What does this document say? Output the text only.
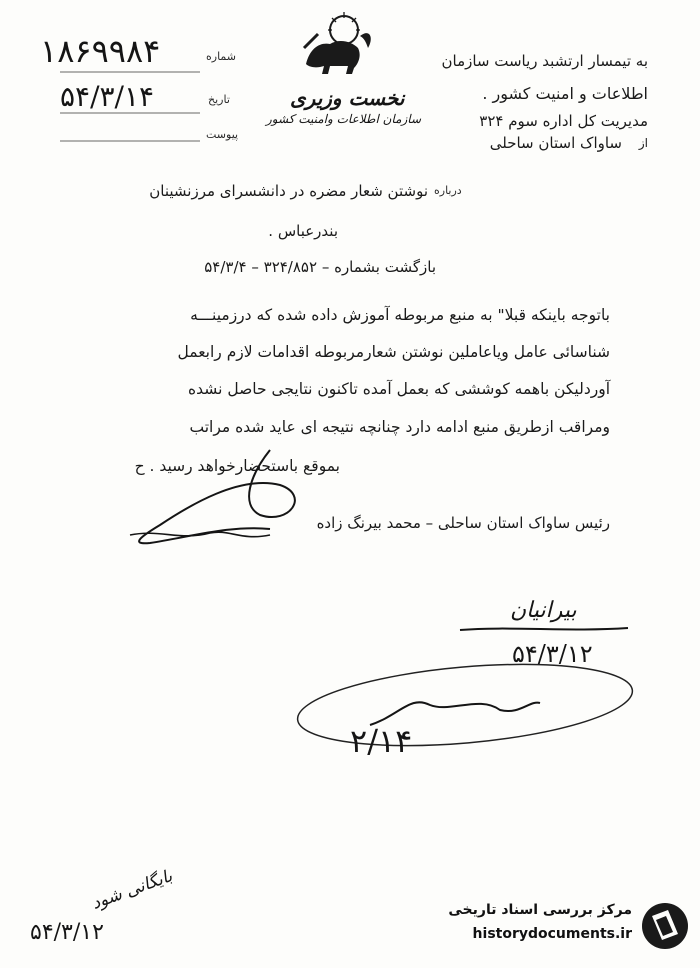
نخست وزیری
سازمان اطلاعات وامنیت کشور
شماره
تاریخ
پیوست
۱۸۶۹۹۸۴
۵۴/۳/۱۴
به تیمسار ارتشبد ریاست سازمان
اطلاعات و امنیت کشور .
مدیریت کل اداره سوم ۳۲۴
از
ساواک استان ساحلی
درباره
نوشتن شعار مضره در دانشسرای مرزنشینان
بندرعباس .
بازگشت بشماره – ۳۲۴/۸۵۲ – ۵۴/۳/۴
باتوجه باینکه قبلا" به منبع مربوطه آموزش داده شده که درزمینـــه
شناسائی عامل ویاعاملین نوشتن شعارمربوطه اقدامات لازم رابعمل
آوردلیکن باهمه کوششی که بعمل آمده تاکنون نتایجی حاصل نشده
ومراقب ازطریق منبع ادامه دارد چنانچه نتیجه ای عاید شده مراتب
بموقع باستحضارخواهد رسید . ح
رئیس ساواک استان ساحلی – محمد بیرنگ زاده
بیرانیان
۵۴/۳/۱۲
۲/۱۴
بایگانی شود
۵۴/۳/۱۲
مرکز بررسی اسناد تاریخی
historydocuments.ir
